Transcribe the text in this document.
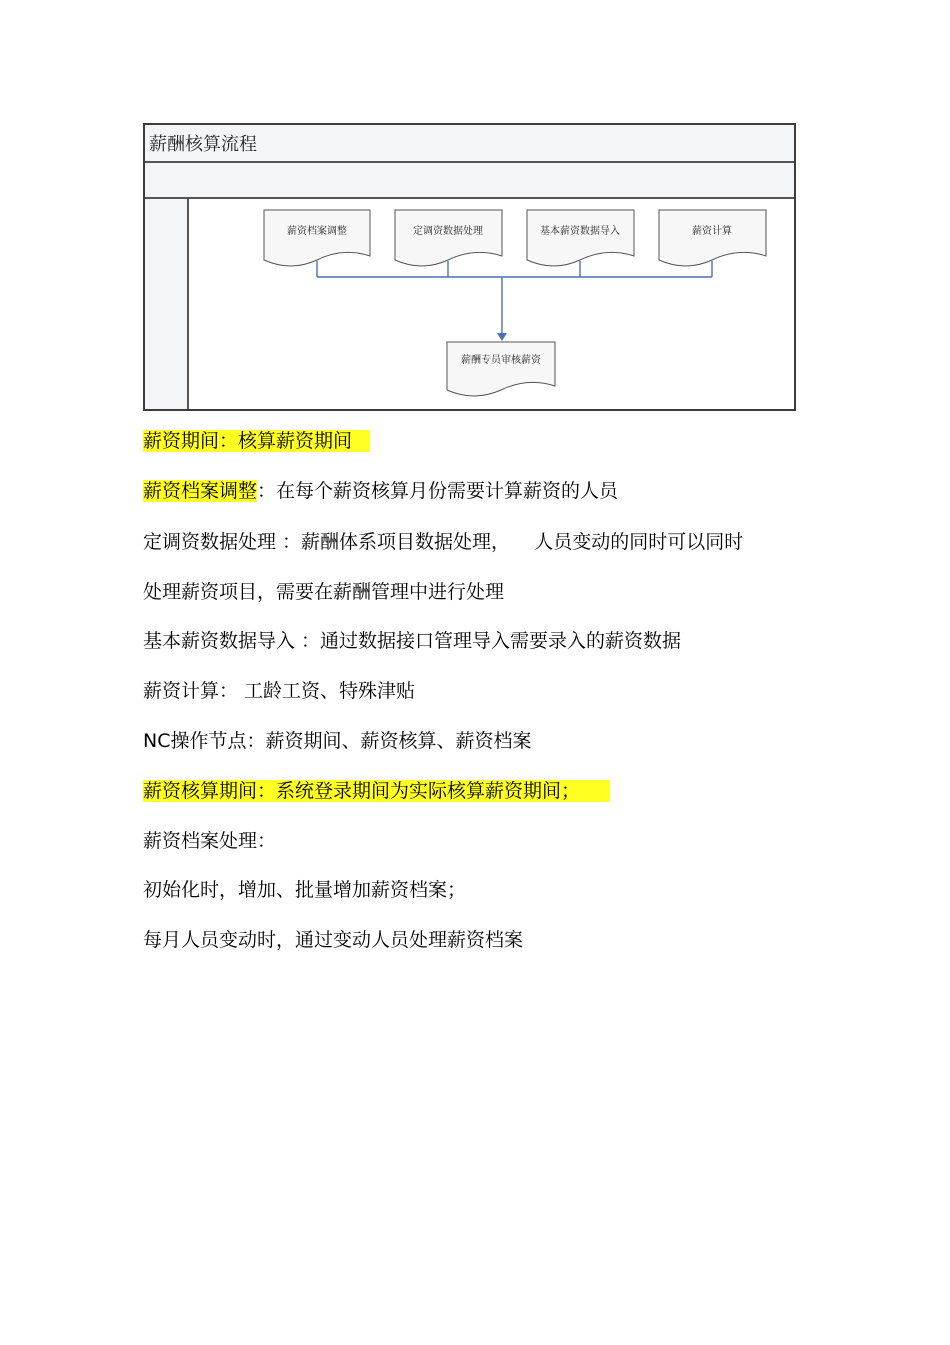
薪酬核算流程
薪资档案调整	定调资数据处理	基本薪资数据导入	薪资计算
薪酬专员审核薪资
薪资期间：核算薪资期间
薪资档案调整：在每个薪资核算月份需要计算薪资的人员
定调资数据处理 ：薪酬体系项目数据处理，    人员变动的同时可以同时
处理薪资项目，需要在薪酬管理中进行处理
基本薪资数据导入 ：通过数据接口管理导入需要录入的薪资数据
薪资计算： 工龄工资、特殊津贴
NC操作节点：薪资期间、薪资核算、薪资档案
薪资核算期间：系统登录期间为实际核算薪资期间；
薪资档案处理：
初始化时，增加、批量增加薪资档案；
每月人员变动时，通过变动人员处理薪资档案
